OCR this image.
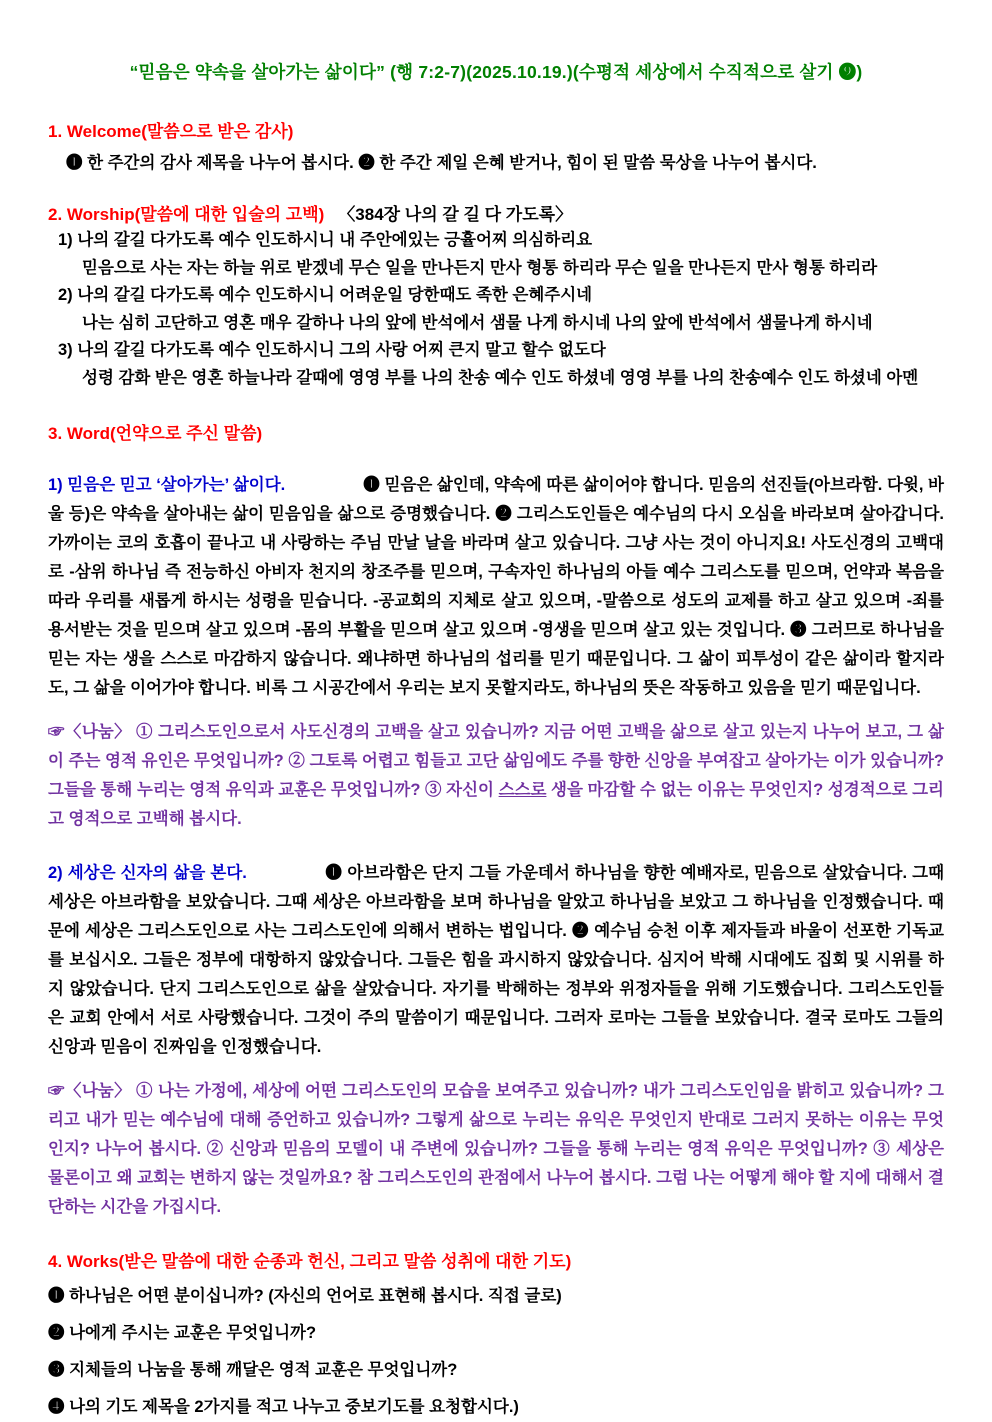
“믿음은 약속을 살아가는 삶이다” (행 7:2-7)(2025.10.19.)(수평적 세상에서 수직적으로 살기 ❾)
1. Welcome(말씀으로 받은 감사)

❶ 한 주간의 감사 제목을 나누어 봅시다. ❷ 한 주간 제일 은혜 받거나, 힘이 된 말씀 묵상을 나누어 봅시다.

2. Worship(말씀에 대한 입술의 고백) 〈384장 나의 갈 길 다 가도록〉

1) 나의 갈길 다가도록 예수 인도하시니 내 주안에있는 긍휼어찌 의심하리요

믿음으로 사는 자는 하늘 위로 받겠네 무슨 일을 만나든지 만사 형통 하리라 무슨 일을 만나든지 만사 형통 하리라

2) 나의 갈길 다가도록 예수 인도하시니 어려운일 당한때도 족한 은혜주시네

나는 심히 고단하고 영혼 매우 갈하나 나의 앞에 반석에서 샘물 나게 하시네 나의 앞에 반석에서 샘물나게 하시네

3) 나의 갈길 다가도록 예수 인도하시니 그의 사랑 어찌 큰지 말고 할수 없도다

성령 감화 받은 영혼 하늘나라 갈때에 영영 부를 나의 찬송 예수 인도 하셨네 영영 부를 나의 찬송예수 인도 하셨네 아멘

3. Word(언약으로 주신 말씀)

1) 믿음은 믿고 ‘살아가는’ 삶이다.	❶ 믿음은 삶인데, 약속에 따른 삶이어야 합니다. 믿음의 선진들(아브라함. 다윗, 바울 등)은 약속을 살아내는 삶이 믿음임을 삶으로 증명했습니다. ❷ 그리스도인들은 예수님의 다시 오심을 바라보며 살아갑니다. 가까이는 코의 호흡이 끝나고 내 사랑하는 주님 만날 날을 바라며 살고 있습니다. 그냥 사는 것이 아니지요! 사도신경의 고백대로 -삼위 하나님 즉 전능하신 아비자 천지의 창조주를 믿으며, 구속자인 하나님의 아들 예수 그리스도를 믿으며, 언약과 복음을 따라 우리를 새롭게 하시는 성령을 믿습니다. -공교회의 지체로 살고 있으며, -말씀으로 성도의 교제를 하고 살고 있으며 -죄를 용서받는 것을 믿으며 살고 있으며 -몸의 부활을 믿으며 살고 있으며 -영생을 믿으며 살고 있는 것입니다. ❸ 그러므로 하나님을 믿는 자는 생을 스스로 마감하지 않습니다. 왜냐하면 하나님의 섭리를 믿기 때문입니다. 그 삶이 피투성이 같은 삶이라 할지라도, 그 삶을 이어가야 합니다. 비록 그 시공간에서 우리는 보지 못할지라도, 하나님의 뜻은 작동하고 있음을 믿기 때문입니다.

☞〈나눔〉 ① 그리스도인으로서 사도신경의 고백을 살고 있습니까? 지금 어떤 고백을 삶으로 살고 있는지 나누어 보고, 그 삶이 주는 영적 유인은 무엇입니까? ② 그토록 어렵고 힘들고 고단 삶임에도 주를 향한 신앙을 부여잡고 살아가는 이가 있습니까? 그들을 통해 누리는 영적 유익과 교훈은 무엇입니까? ③ 자신이 스스로 생을 마감할 수 없는 이유는 무엇인지? 성경적으로 그리고 영적으로 고백해 봅시다.

2) 세상은 신자의 삶을 본다.	❶ 아브라함은 단지 그들 가운데서 하나님을 향한 예배자로, 믿음으로 살았습니다. 그때 세상은 아브라함을 보았습니다. 그때 세상은 아브라함을 보며 하나님을 알았고 하나님을 보았고 그 하나님을 인정했습니다. 때문에 세상은 그리스도인으로 사는 그리스도인에 의해서 변하는 법입니다. ❷ 예수님 승천 이후 제자들과 바울이 선포한 기독교를 보십시오. 그들은 정부에 대항하지 않았습니다. 그들은 힘을 과시하지 않았습니다. 심지어 박해 시대에도 집회 및 시위를 하지 않았습니다. 단지 그리스도인으로 삶을 살았습니다. 자기를 박해하는 정부와 위정자들을 위해 기도했습니다. 그리스도인들은 교회 안에서 서로 사랑했습니다. 그것이 주의 말씀이기 때문입니다. 그러자 로마는 그들을 보았습니다. 결국 로마도 그들의 신앙과 믿음이 진짜임을 인정했습니다.

☞〈나눔〉 ① 나는 가정에, 세상에 어떤 그리스도인의 모습을 보여주고 있습니까? 내가 그리스도인임을 밝히고 있습니까? 그리고 내가 믿는 예수님에 대해 증언하고 있습니까? 그렇게 삶으로 누리는 유익은 무엇인지 반대로 그러지 못하는 이유는 무엇인지? 나누어 봅시다. ② 신앙과 믿음의 모델이 내 주변에 있습니까? 그들을 통해 누리는 영적 유익은 무엇입니까? ③ 세상은 물론이고 왜 교회는 변하지 않는 것일까요? 참 그리스도인의 관점에서 나누어 봅시다. 그럼 나는 어떻게 해야 할 지에 대해서 결단하는 시간을 가집시다.

4. Works(받은 말씀에 대한 순종과 헌신, 그리고 말씀 성취에 대한 기도)

❶ 하나님은 어떤 분이십니까? (자신의 언어로 표현해 봅시다. 직접 글로)

❷ 나에게 주시는 교훈은 무엇입니까?

❸ 지체들의 나눔을 통해 깨달은 영적 교훈은 무엇입니까?

❹ 나의 기도 제목을 2가지를 적고 나누고 중보기도를 요청합시다.)
